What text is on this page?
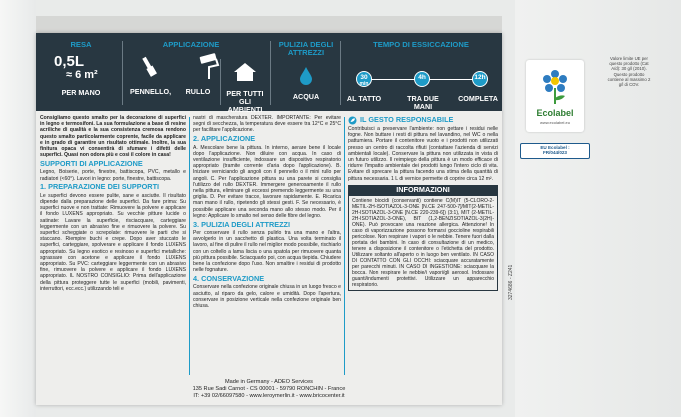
RESA
0,5L
≈ 6 m²
PER MANO
APPLICAZIONE
PENNELLO,	RULLO	PER TUTTI GLI AMBIENTI
PULIZIA DEGLI ATTREZZI
ACQUA
TEMPO DI ESSICCAZIONE
30
min
4h	12h
AL TATTO	TRA DUE MANI
COMPLETA

Consigliamo questo smalto per la decorazione di superfici in legno e termosifoni. La sua formulazione a base di resine acriliche di qualità e la sua consistenza cremosa rendono questo smalto particolarmente coprente, facile da applicare e in grado di garantire un risultato ottimale. Inoltre, la sua finitura opaca vi consentirà di sfumare i difetti delle superfici. Quasi non odora più e così il colore in casa!

SUPPORTI DI APPLICAZIONE

Legno, Boiserie, porte, finestre, battiscopa, PVC, metallo e radiatori (<60°). Lavori in legno: porte, finestre, battiscopa.

1. PREPARAZIONE DEI SUPPORTI

Le superfici devono essere pulite, sane e asciutte. Il risultato dipende dalla preparazione delle superfici. Da fare prima: Su superfici nuove e non trattate: Rimuovere la polvere e applicare il fondo LUXENS appropriato. Su vecchie pitture lucide o satinate: Lavare la superficie, risciacquare, carteggiare leggermente con un abrasivo fine e rimuovere la polvere. Su superfici scheggiate o screpolate: rimuovere le parti che si staccano. Riempire buchi e crepe. Dopo aver stuccato le superfici, carteggiare, spolverare e applicare il fondo LUXENS appropriato. Su legno esotico e resinoso e superfici metalliche: sgrassare con acetone e applicare il fondo LUXENS appropriato. Su PVC: carteggiare leggermente con un abrasivo fine, rimuovere la polvere e applicare il fondo LUXENS appropriato. IL NOSTRO CONSIGLIO: Prima dell'applicazione della pittura proteggere tutte le superfici (mobili, pavimenti, interruttori, ecc.ecc.) utilizzando teli e

nastri di mascheratura DEXTER. IMPORTANTE: Per evitare segni di secchezza, la temperatura deve essere tra 12°C e 25°C per facilitare l'applicazione.

2. APPLICAZIONE

A. Mescolare bene la pittura. In interno, aerare bene il locale dopo l'applicazione. Non diluire con acqua. In caso di ventilazione insufficiente, indossare un dispositivo respiratorio appropriato (tramite corrente d'aria dopo l'applicazione). B. Iniziare verniciando gli angoli con il pennello o il mini rullo per angoli. C. Per l'applicazione pittura su una parete si consiglia l'utilizzo del rullo DEXTER. Immergere generosamente il rullo nella pittura, eliminare gli eccessi premendo leggermente su una griglia. D. Per evitare tracce, lavorare rapidamente. E. Ricarica man mano il rullo, ripetendo gli stessi gesti. F. Se necessario, è possibile applicare una seconda mano allo stesso modo. Per il legno: Applicare lo smalto nel senso delle fibre del legno.

3. PULIZIA DEGLI ATTREZZI

Per conservare il rullo senza pulirlo tra una mano e l'altra, avvolgerlo in un sacchetto di plastica. Una volta terminato il lavoro, al fine di pulire il rullo nel miglior modo possibile, rischiarlo con un coltello a lama liscia o una spatola per rimuovere quanta più pittura possibile. Sciacquarlo poi, con acqua tiepida. Chiudere bene la confezione dopo l'uso. Non smaltire i residui di prodotto nelle fognature.

4. CONSERVAZIONE

Conservare nella confezione originale chiusa in un luogo fresco e asciutto, al riparo da gelo, calore e umidità. Dopo l'apertura, conservare in posizione verticale nella confezione originale ben chiusa.

IL GESTO RESPONSABILE

Contribuisci a preservare l'ambiente: non gettare i residui nelle fogne. Non buttare i resti di pittura nel lavandino, nel WC o nella pattumiera. Portare il contenitore vuoto e i prodotti non utilizzati presso un centro di raccolta rifiuti (contattare l'azienda di servizi ambientali locale). Conservare la pittura non utilizzata in vista di un futuro utilizzo. Il reimpiego della pittura è un modo efficace di ridurre l'impatto ambientale dei prodotti lungo l'intero ciclo di vita. Evitare di sprecare la pittura facendo una stima della quantità di pittura necessaria. 1 L di vernice permette di coprire circa 12 m².

INFORMAZIONI
Contiene biocidi (conservanti) contiene C(M)IT (5-CLORO-2-METIL-2H-ISOTIAZOL-3-ONE [N.CE 247-500-7]/MIT(2-METIL-2H-ISOTIAZOL-3-ONE [N.CE 220-239-6]) (3:1), MIT (2-METIL-2H-ISOTIAZOL-3-ONE), BIT (1,2-BENZISOTIAZOL-3(2H)-ONE). Può provocare una reazione allergica. Attenzione! In caso di vaporizzazione possono formarsi goccioline respirabili pericolose. Non respirare i vapori o le nebbie. Tenere fuori dalla portata dei bambini. In caso di consultazione di un medico, tenere a disposizione il contenitore o l'etichetta del prodotto. Utilizzare soltanto all'aperto o in luogo ben ventilato. IN CASO DI CONTATTO CON GLI OCCHI: sciacquare accuratamente per parecchi minuti. IN CASO DI INGESTIONE: sciacquare la bocca. Non respirare le nebbie/i vapori/gli aerosol. Indossare guanti/indumenti protettivi. Utilizzare un apparecchio respiratorio.
Made in Germany - ADEO Services
135 Rue Sadi Carnot - CS 00001 - 59790 RONCHIN - France
IT: +39 02/66097580 - www.leroymerlin.it - www.bricocenter.it
Ecolabel
www.ecolabel.eu
Valore limite UE per questo prodotto (Cat A/d): 30 g/l (2010). Questo prodotto contiene al massimo 2 g/l di COV.
EU Ecolabel :
FR/044/023
3274686 - Z241
